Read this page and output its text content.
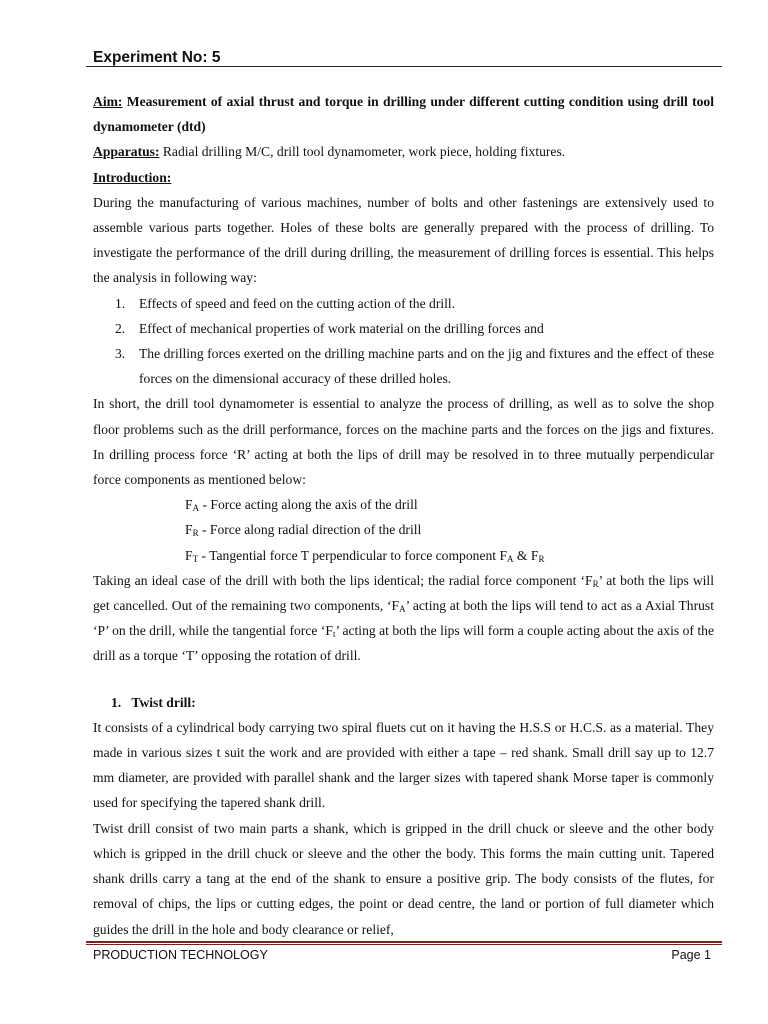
Experiment No: 5

Aim: Measurement of axial thrust and torque in drilling under different cutting condition using drill tool dynamometer (dtd)

Apparatus: Radial drilling M/C, drill tool dynamometer, work piece, holding fixtures.

Introduction:

During the manufacturing of various machines, number of bolts and other fastenings are extensively used to assemble various parts together. Holes of these bolts are generally prepared with the process of drilling. To investigate the performance of the drill during drilling, the measurement of drilling forces is essential. This helps the analysis in following way:

1. Effects of speed and feed on the cutting action of the drill.
2. Effect of mechanical properties of work material on the drilling forces and
3. The drilling forces exerted on the drilling machine parts and on the jig and fixtures and the effect of these forces on the dimensional accuracy of these drilled holes.

In short, the drill tool dynamometer is essential to analyze the process of drilling, as well as to solve the shop floor problems such as the drill performance, forces on the machine parts and the forces on the jigs and fixtures. In drilling process force ‘R’ acting at both the lips of drill may be resolved in to three mutually perpendicular force components as mentioned below:

$F_A$ - Force acting along the axis of the drill
$F_R$ - Force along radial direction of the drill
$F_T$ - Tangential force T perpendicular to force component $F_A$ & $F_R$

Taking an ideal case of the drill with both the lips identical; the radial force component ‘$F_R$’ at both the lips will get cancelled. Out of the remaining two components, ‘$F_A$’ acting at both the lips will tend to act as a Axial Thrust ‘P’ on the drill, while the tangential force ‘$F_t$’ acting at both the lips will form a couple acting about the axis of the drill as a torque ‘T’ opposing the rotation of drill.

1. Twist drill:

It consists of a cylindrical body carrying two spiral fluets cut on it having the H.S.S or H.C.S. as a material. They made in various sizes t suit the work and are provided with either a tape – red shank. Small drill say up to 12.7 mm diameter, are provided with parallel shank and the larger sizes with tapered shank Morse taper is commonly used for specifying the tapered shank drill.

Twist drill consist of two main parts a shank, which is gripped in the drill chuck or sleeve and the other body which is gripped in the drill chuck or sleeve and the other the body. This forms the main cutting unit. Tapered shank drills carry a tang at the end of the shank to ensure a positive grip. The body consists of the flutes, for removal of chips, the lips or cutting edges, the point or dead centre, the land or portion of full diameter which guides the drill in the hole and body clearance or relief,

PRODUCTION TECHNOLOGY	Page 1
